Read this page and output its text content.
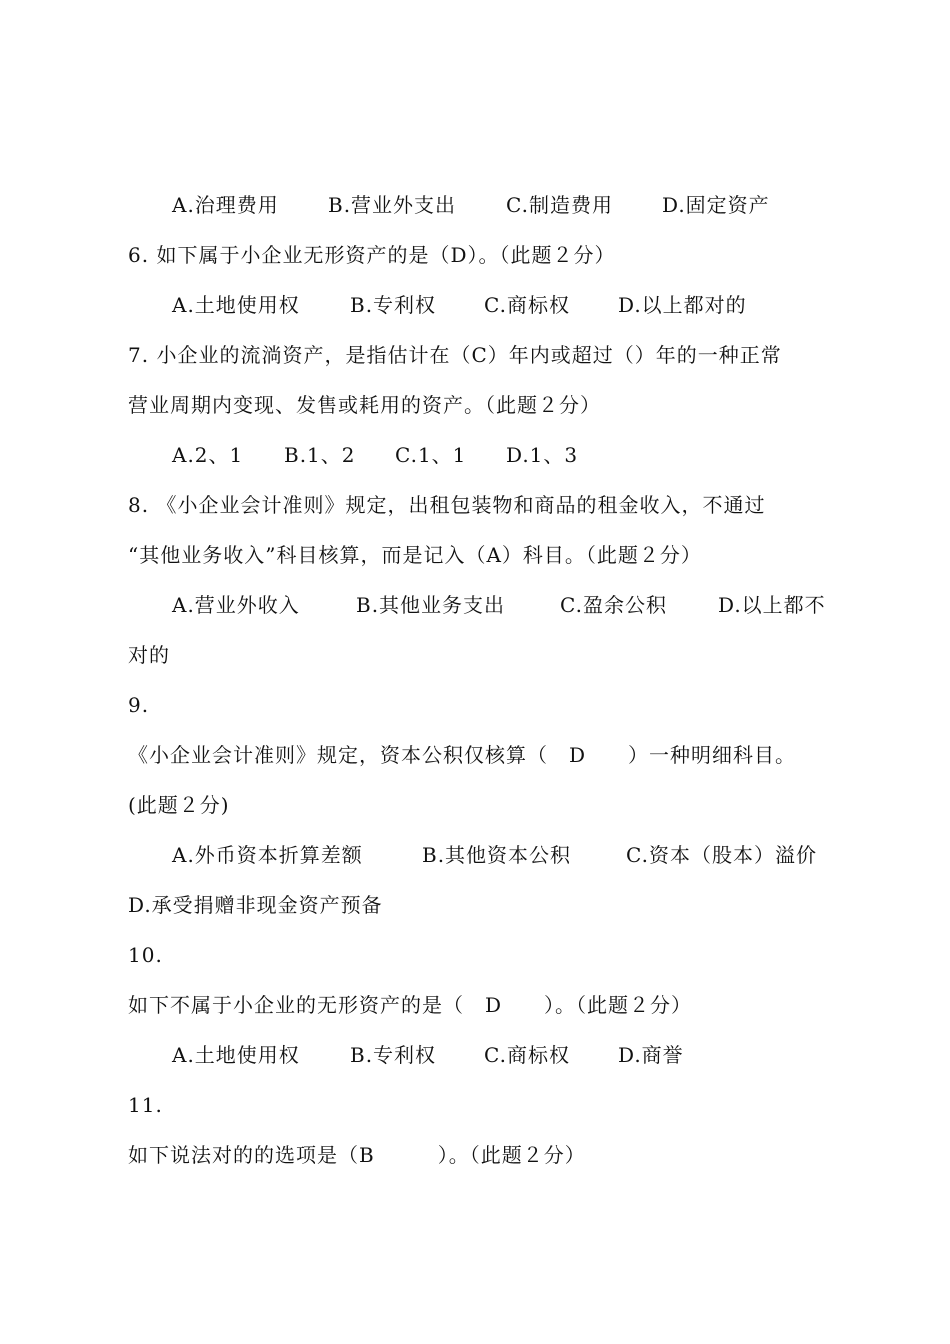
A.治理费用 B.营业外支出 C.制造费用 D.固定资产
6. 如下属于小企业无形资产的是（D）。（此题２分）
A.土地使用权	B.专利权 C.商标权 D.以上都对的
7. 小企业的流淌资产，是指估计在（C）年内或超过（）年的一种正常
营业周期内变现、发售或耗用的资产。（此题２分）
A.2、1 B.1、2 C.1、1 D.1、3
8. 《小企业会计准则》规定，出租包装物和商品的租金收入，不通过
“其他业务收入”科目核算，而是记入（A）科目。（此题２分）
A.营业外收入	B.其他业务支出	C.盈余公积	D.以上都不
对的
9.
《小企业会计准则》规定，资本公积仅核算（　D　　）一种明细科目。
(此题２分)
A.外币资本折算差额	B.其他资本公积	C.资本（股本）溢价
D.承受捐赠非现金资产预备
10.
如下不属于小企业的无形资产的是（　D　　）。（此题２分）
A.土地使用权	B.专利权 C.商标权 D.商誉
11.
如下说法对的的选项是（B　　　）。（此题２分）
